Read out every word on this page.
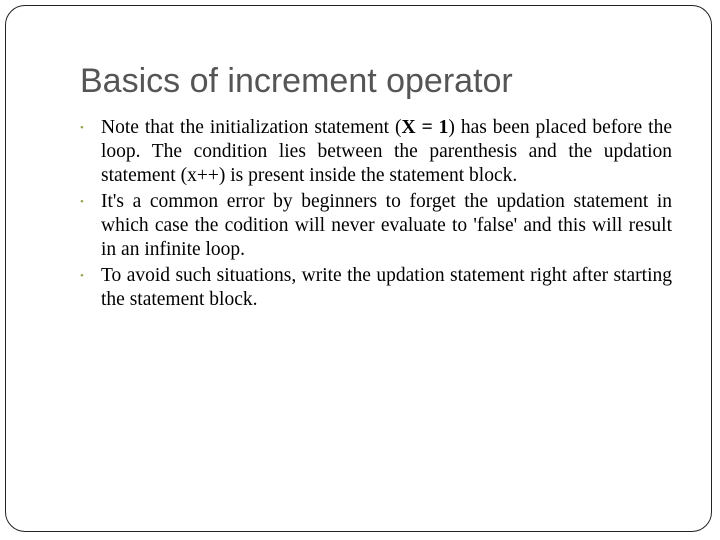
Basics of increment operator
• Note that the initialization statement (X = 1) has been placed before the loop. The condition lies between the parenthesis and the updation statement (x++) is present inside the statement block.
• It's a common error by beginners to forget the updation statement in which case the codition will never evaluate to 'false' and this will result in an infinite loop.
• To avoid such situations, write the updation statement right after starting the statement block.
